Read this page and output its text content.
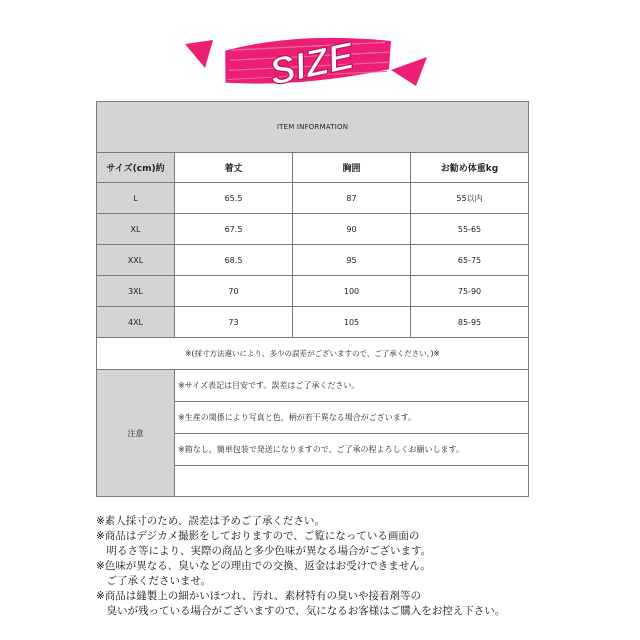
SIZE
ITEM INFORMATION			
サイズ(cm)約	着丈	胸囲	お勧め体重kg
L	65.5	87	55以内
XL	67.5	90	55-65
XXL	68.5	95	65-75
3XL	70	100	75-90
4XL	73	105	85-95
※(採寸方法違いにより、多少の誤差がございますので、ご了承ください。)※			
注意	※サイズ表記は目安です。誤差はご了承ください。		
	※生産の関係により写真と色，柄が若干異なる場合がございます。		
	※箱なし，簡単包装で発送になりますので、ご了承の程よろしくお願いします。		

※素人採寸のため、誤差は予めご了承ください。
※商品はデジカメ撮影をしておりますので、ご覧になっている画面の
　明るさ等により、実際の商品と多少色味が異なる場合がございます。
※色味が異なる、臭いなどの理由での交換、返金はお受けできません。
　ご了承くださいませ。
※商品は縫製上の細かいほつれ、汚れ、素材特有の臭いや接着剤等の
　臭いが残っている場合がございますので、気になるお客様はご購入をお控え下さい。
